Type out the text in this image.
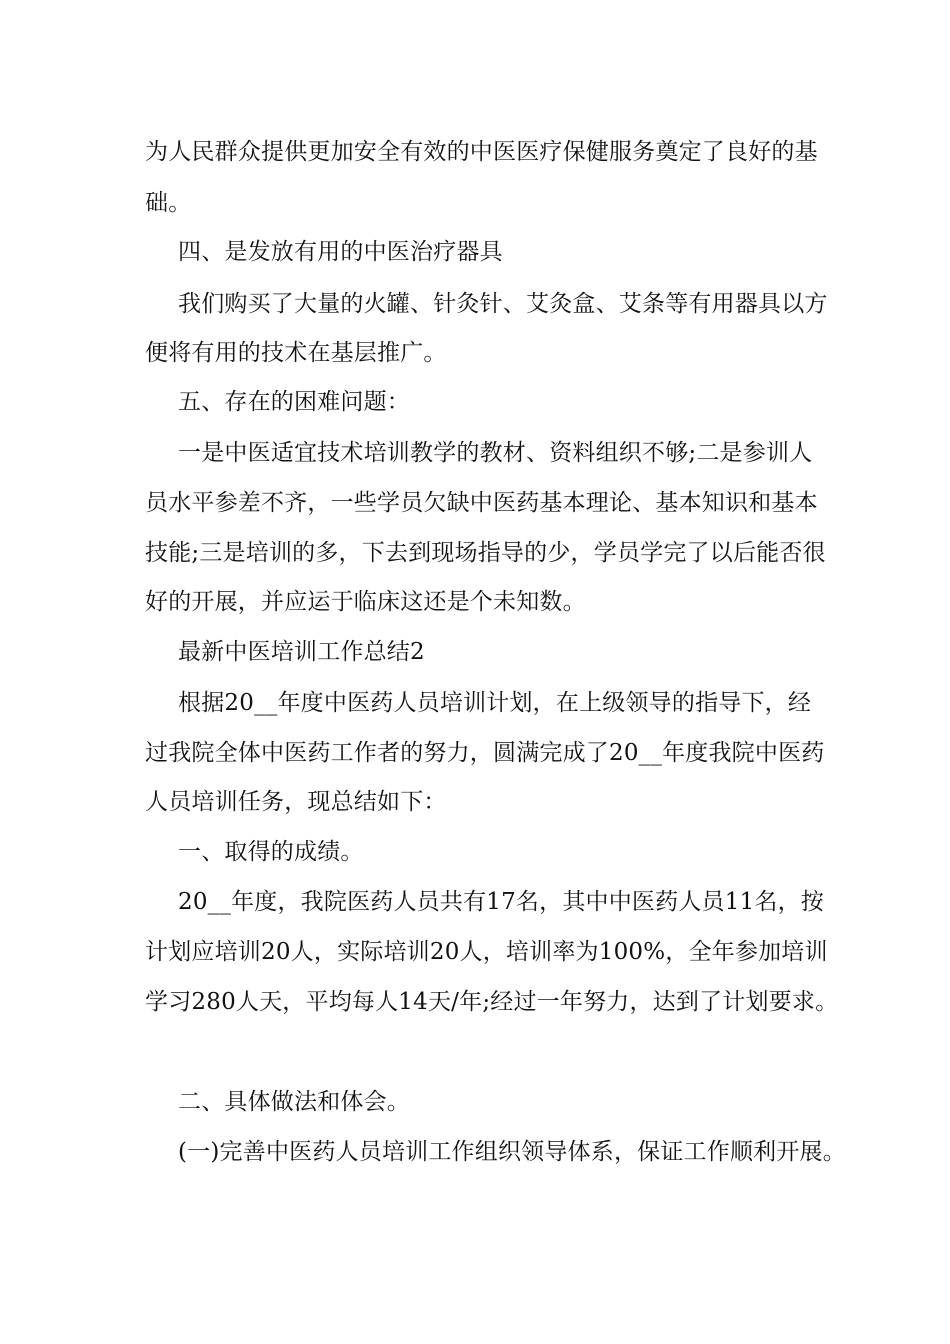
为人民群众提供更加安全有效的中医医疗保健服务奠定了良好的基
础。
四、是发放有用的中医治疗器具
我们购买了大量的火罐、针灸针、艾灸盒、艾条等有用器具以方
便将有用的技术在基层推广。
五、存在的困难问题：
一是中医适宜技术培训教学的教材、资料组织不够;二是参训人
员水平参差不齐，一些学员欠缺中医药基本理论、基本知识和基本
技能;三是培训的多，下去到现场指导的少，学员学完了以后能否很
好的开展，并应运于临床这还是个未知数。
最新中医培训工作总结2
根据20__年度中医药人员培训计划，在上级领导的指导下，经
过我院全体中医药工作者的努力，圆满完成了20__年度我院中医药
人员培训任务，现总结如下：
一、取得的成绩。
20__年度，我院医药人员共有17名，其中中医药人员11名，按
计划应培训20人，实际培训20人，培训率为100%，全年参加培训
学习280人天，平均每人14天/年;经过一年努力，达到了计划要求。
二、具体做法和体会。
(一)完善中医药人员培训工作组织领导体系，保证工作顺利开展。
